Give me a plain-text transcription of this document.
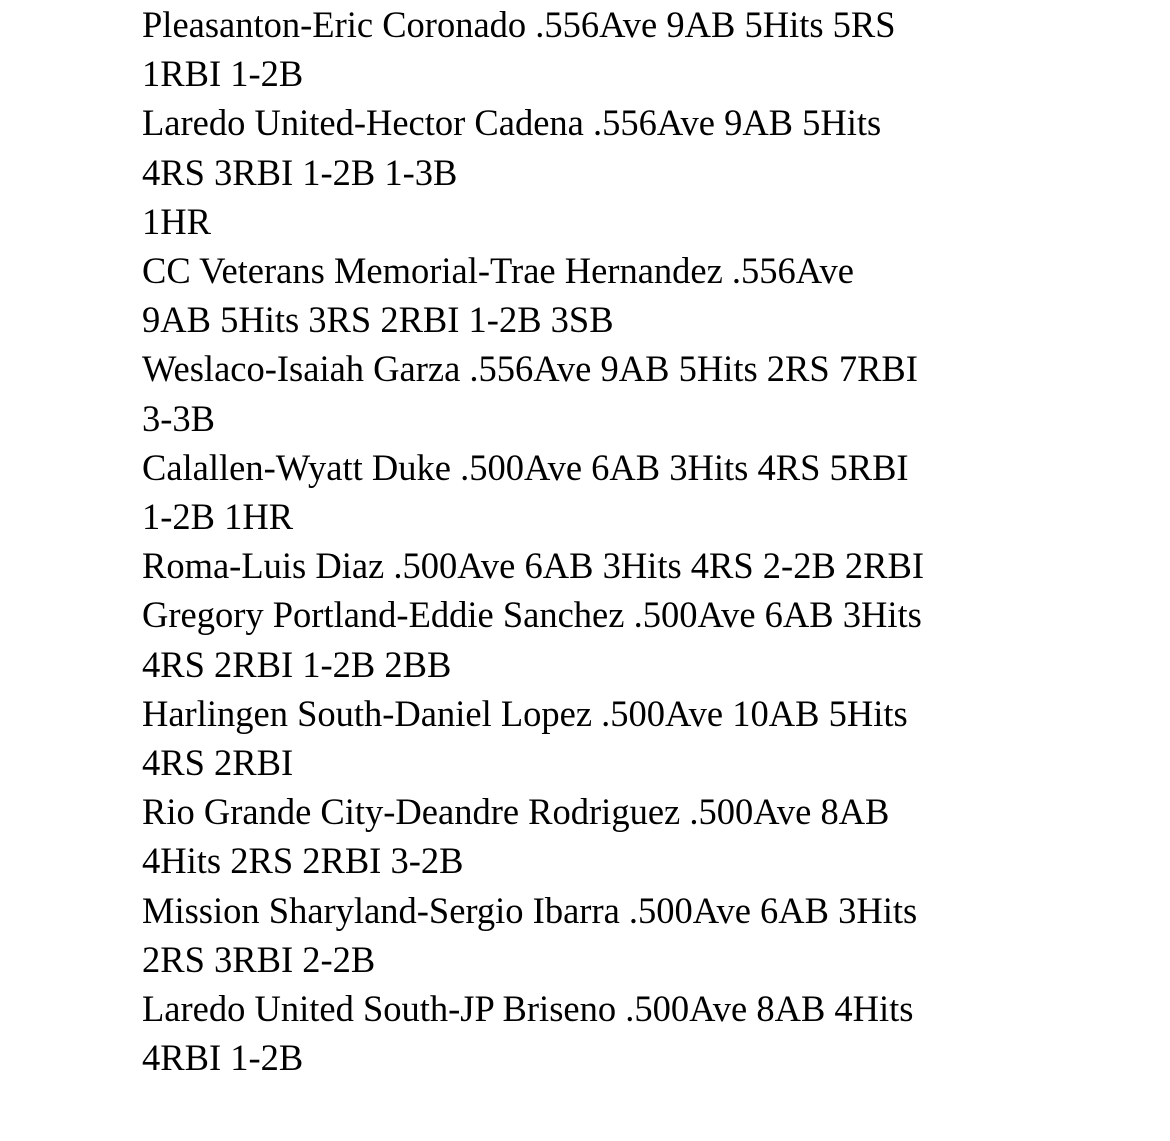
Pleasanton-Eric Coronado .556Ave 9AB 5Hits 5RS
1RBI 1-2B
Laredo United-Hector Cadena .556Ave 9AB 5Hits
4RS 3RBI 1-2B 1-3B
1HR
CC Veterans Memorial-Trae Hernandez .556Ave
9AB 5Hits 3RS 2RBI 1-2B 3SB
Weslaco-Isaiah Garza .556Ave 9AB 5Hits 2RS 7RBI
3-3B
Calallen-Wyatt Duke .500Ave 6AB 3Hits 4RS 5RBI
1-2B 1HR
Roma-Luis Diaz .500Ave 6AB 3Hits 4RS 2-2B 2RBI
Gregory Portland-Eddie Sanchez .500Ave 6AB 3Hits
4RS 2RBI 1-2B 2BB
Harlingen South-Daniel Lopez .500Ave 10AB 5Hits
4RS 2RBI
Rio Grande City-Deandre Rodriguez .500Ave 8AB
4Hits 2RS 2RBI 3-2B
Mission Sharyland-Sergio Ibarra .500Ave 6AB 3Hits
2RS 3RBI 2-2B
Laredo United South-JP Briseno .500Ave 8AB 4Hits
4RBI 1-2B
